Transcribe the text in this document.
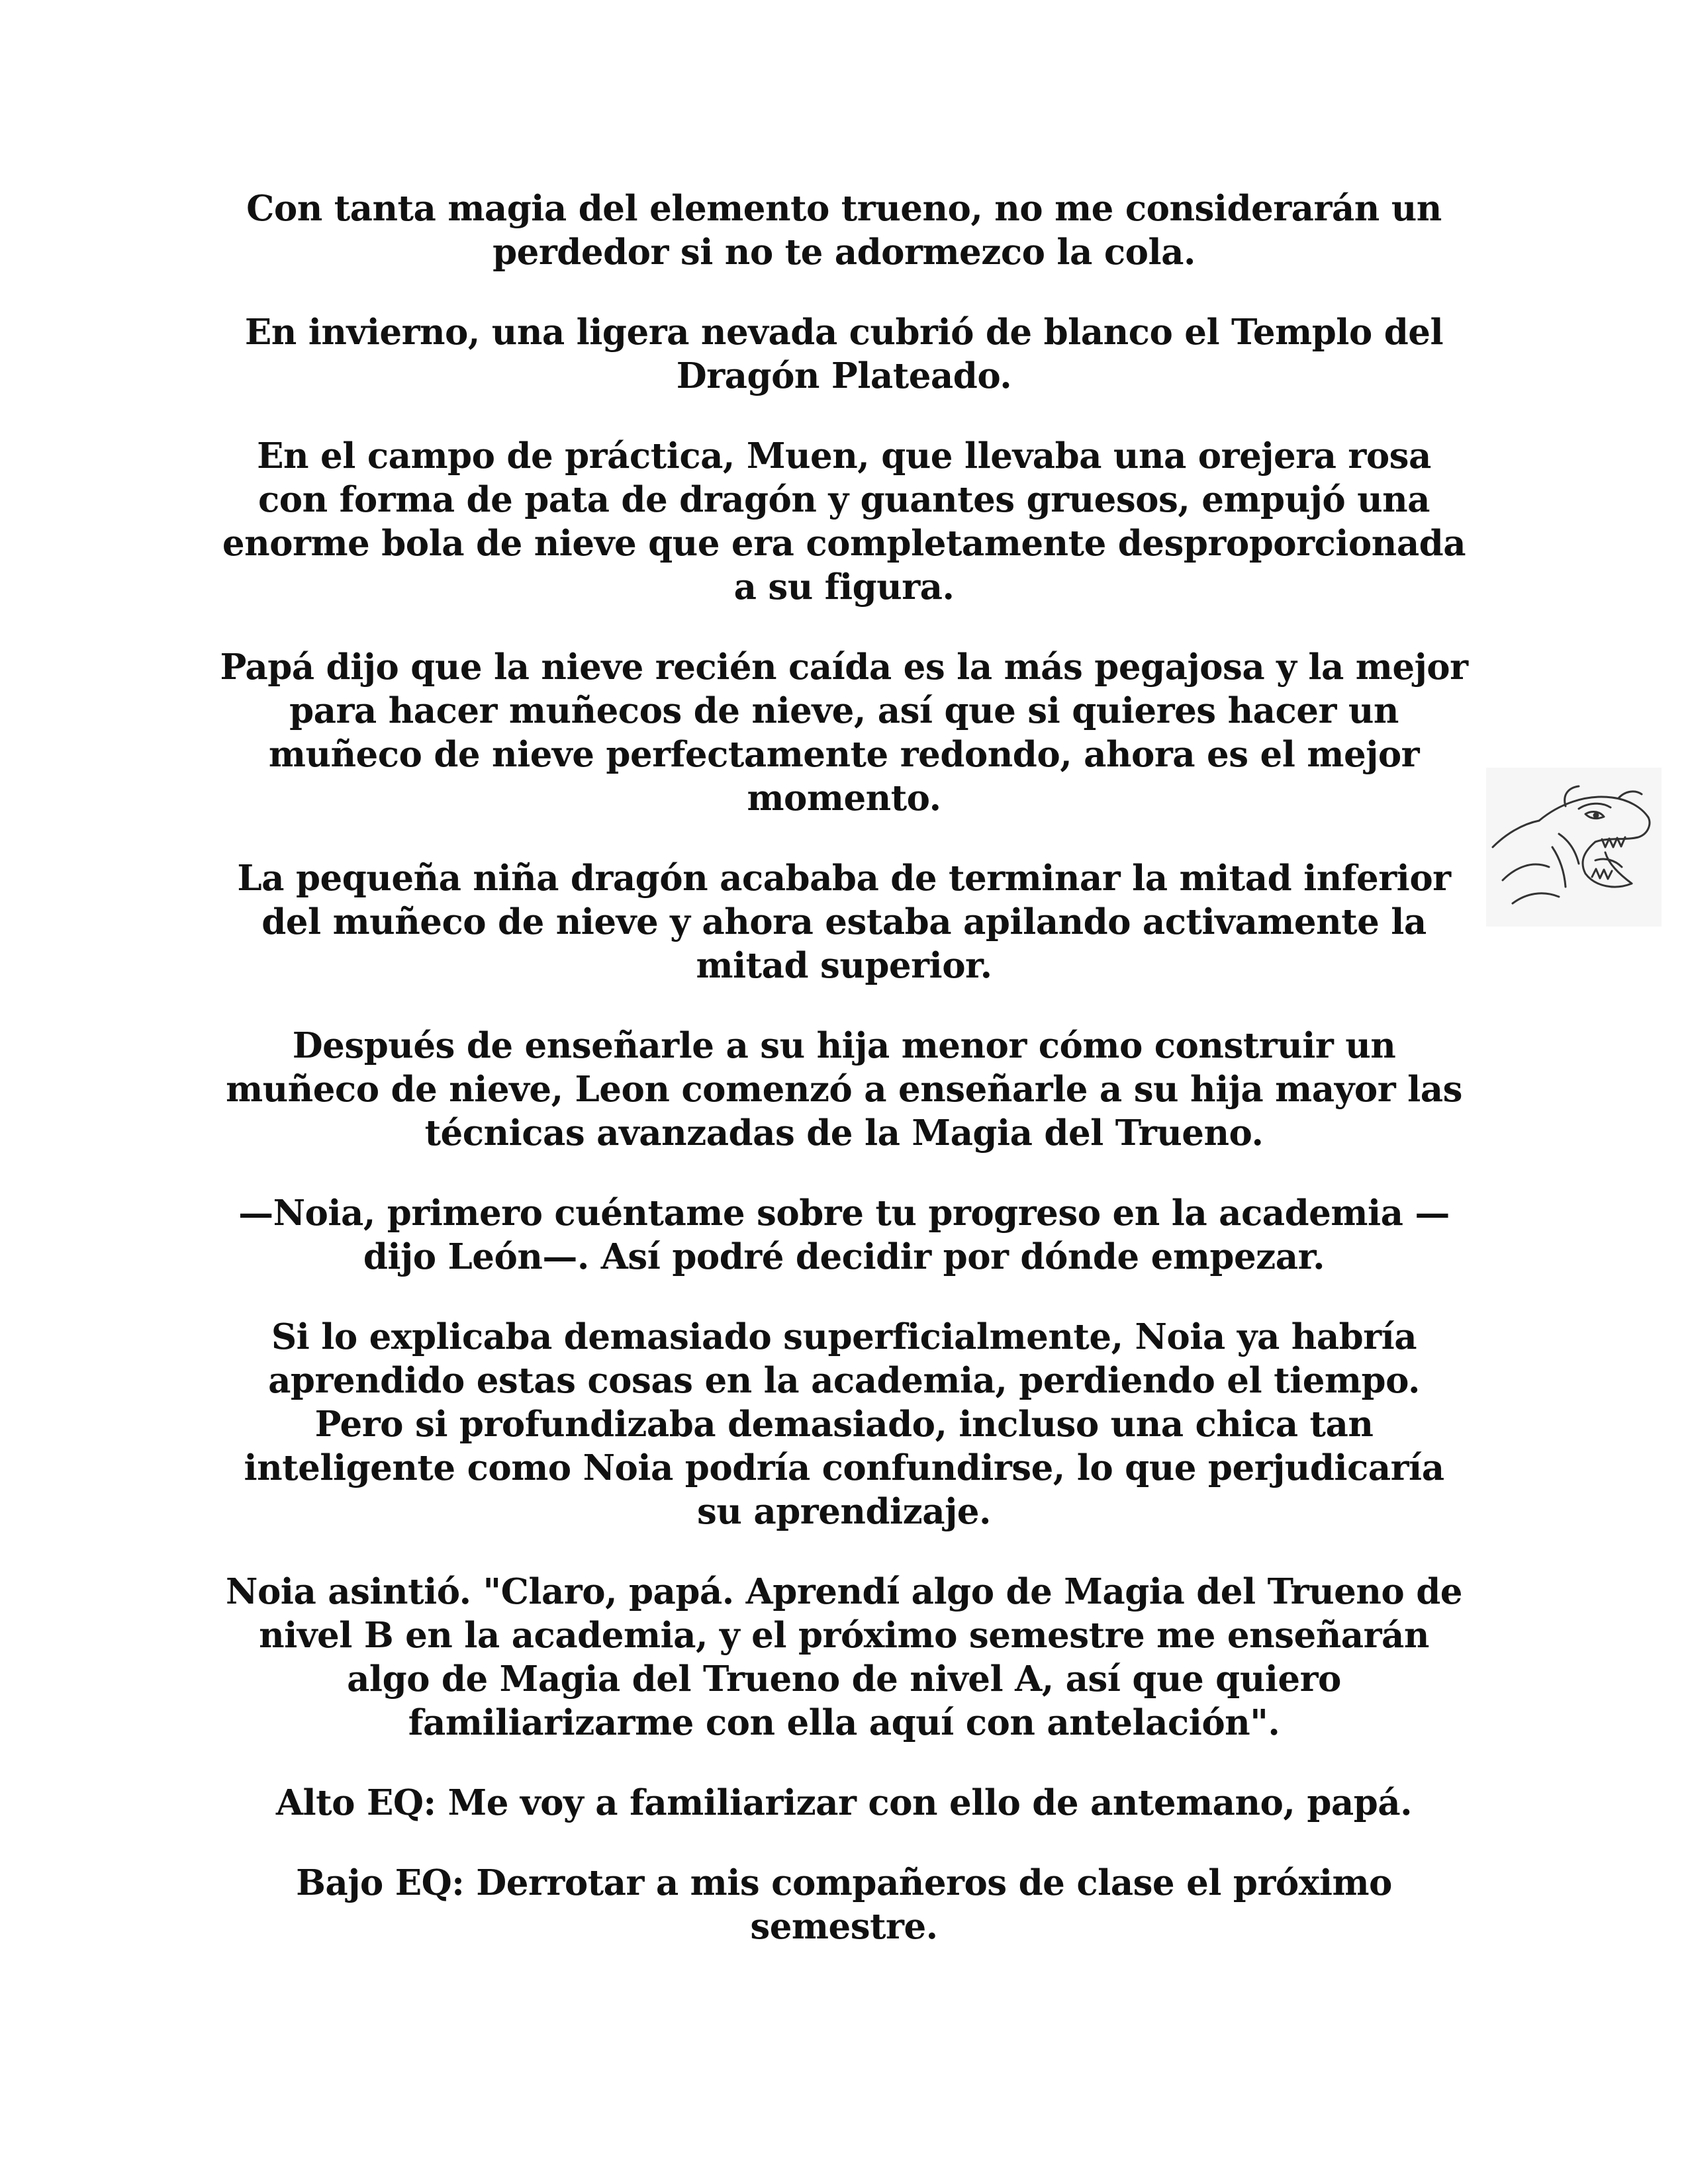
Con tanta magia del elemento trueno, no me considerarán un perdedor si no te adormezco la cola.

En invierno, una ligera nevada cubrió de blanco el Templo del Dragón Plateado.

En el campo de práctica, Muen, que llevaba una orejera rosa con forma de pata de dragón y guantes gruesos, empujó una enorme bola de nieve que era completamente desproporcionada a su figura.

Papá dijo que la nieve recién caída es la más pegajosa y la mejor para hacer muñecos de nieve, así que si quieres hacer un muñeco de nieve perfectamente redondo, ahora es el mejor momento.

La pequeña niña dragón acababa de terminar la mitad inferior del muñeco de nieve y ahora estaba apilando activamente la mitad superior.

Después de enseñarle a su hija menor cómo construir un muñeco de nieve, Leon comenzó a enseñarle a su hija mayor las técnicas avanzadas de la Magia del Trueno.

—Noia, primero cuéntame sobre tu progreso en la academia —dijo León—. Así podré decidir por dónde empezar.

Si lo explicaba demasiado superficialmente, Noia ya habría aprendido estas cosas en la academia, perdiendo el tiempo. Pero si profundizaba demasiado, incluso una chica tan inteligente como Noia podría confundirse, lo que perjudicaría su aprendizaje.

Noia asintió. "Claro, papá. Aprendí algo de Magia del Trueno de nivel B en la academia, y el próximo semestre me enseñarán algo de Magia del Trueno de nivel A, así que quiero familiarizarme con ella aquí con antelación".

Alto EQ: Me voy a familiarizar con ello de antemano, papá.

Bajo EQ: Derrotar a mis compañeros de clase el próximo semestre.
